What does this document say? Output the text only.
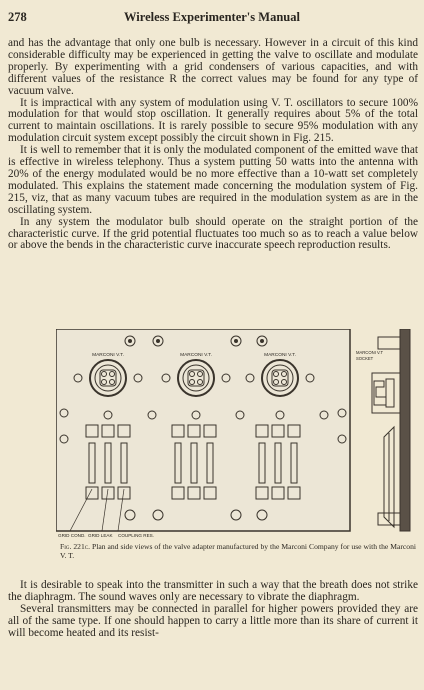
278	Wireless Experimenter's Manual

and has the advantage that only one bulb is necessary. However in a circuit of this kind considerable difficulty may be experienced in getting the valve to oscillate and modulate properly. By experimenting with a grid condensers of various capacities, and with different values of the resistance R the correct values may be found for any type of vacuum valve.

It is impractical with any system of modulation using V. T. oscillators to secure 100% modulation for that would stop oscillation. It generally requires about 5% of the total current to maintain oscillations. It is rarely possible to secure 95% modulation with any modulation circuit system except possibly the circuit shown in Fig. 215.

It is well to remember that it is only the modulated component of the emitted wave that is effective in wireless telephony. Thus a system putting 50 watts into the antenna with 20% of the energy modulated would be no more effective than a 10-watt set completely modulated. This explains the statement made concerning the modulation system of Fig. 215, viz, that as many vacuum tubes are required in the modulation system as are in the oscillating system.

In any system the modulator bulb should operate on the straight portion of the characteristic curve. If the grid potential fluctuates too much so as to reach a value below or above the bends in the characteristic curve inaccurate speech reproduction results.

MARCONI V.T.	MARCONI V.T.	MARCONI V.T.
GRID COND. GRID LEAK COUPLING RES.
MARCONI V.T
SOCKET
Fig. 221c. Plan and side views of the valve adapter manufactured by the Marconi Company for use with the Marconi V. T.

It is desirable to speak into the transmitter in such a way that the breath does not strike the diaphragm. The sound waves only are necessary to vibrate the diaphragm.

Several transmitters may be connected in parallel for higher powers provided they are all of the same type. If one should happen to carry a little more than its share of current it will become heated and its resist-
